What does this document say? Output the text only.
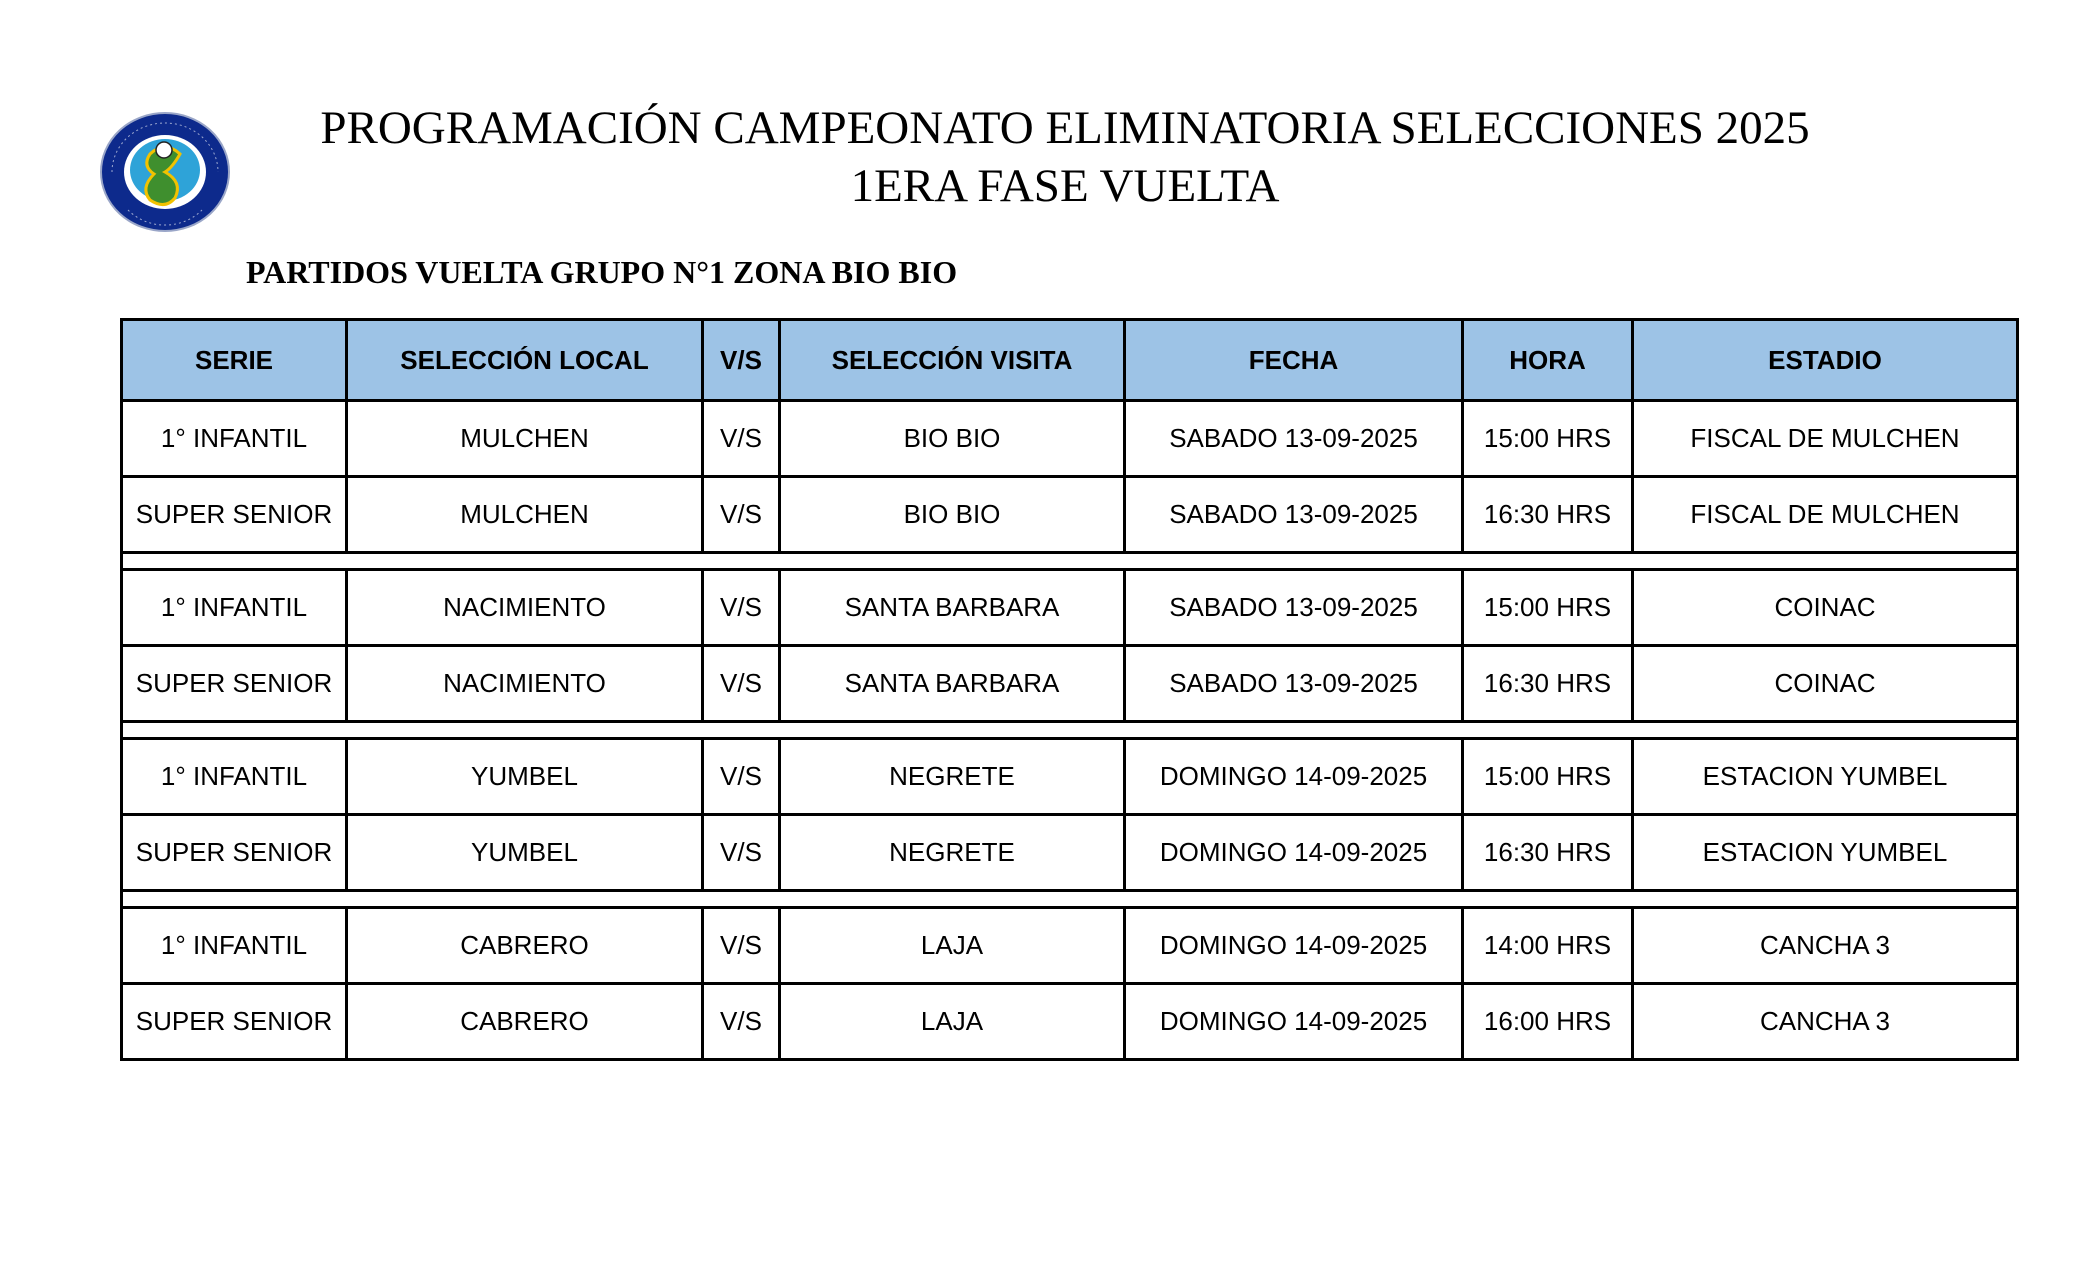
PROGRAMACIÓN CAMPEONATO ELIMINATORIA SELECCIONES 2025
1ERA FASE VUELTA
PARTIDOS VUELTA GRUPO N°1 ZONA BIO BIO
SERIE	SELECCIÓN LOCAL	V/S	SELECCIÓN VISITA	FECHA	HORA	ESTADIO
1° INFANTIL	MULCHEN	V/S	BIO BIO	SABADO 13-09-2025	15:00 HRS	FISCAL DE MULCHEN
SUPER SENIOR	MULCHEN	V/S	BIO BIO	SABADO 13-09-2025	16:30 HRS	FISCAL DE MULCHEN

1° INFANTIL	NACIMIENTO	V/S	SANTA BARBARA	SABADO 13-09-2025	15:00 HRS	COINAC
SUPER SENIOR	NACIMIENTO	V/S	SANTA BARBARA	SABADO 13-09-2025	16:30 HRS	COINAC

1° INFANTIL	YUMBEL	V/S	NEGRETE	DOMINGO 14-09-2025	15:00 HRS	ESTACION YUMBEL
SUPER SENIOR	YUMBEL	V/S	NEGRETE	DOMINGO 14-09-2025	16:30 HRS	ESTACION YUMBEL

1° INFANTIL	CABRERO	V/S	LAJA	DOMINGO 14-09-2025	14:00 HRS	CANCHA 3
SUPER SENIOR	CABRERO	V/S	LAJA	DOMINGO 14-09-2025	16:00 HRS	CANCHA 3
